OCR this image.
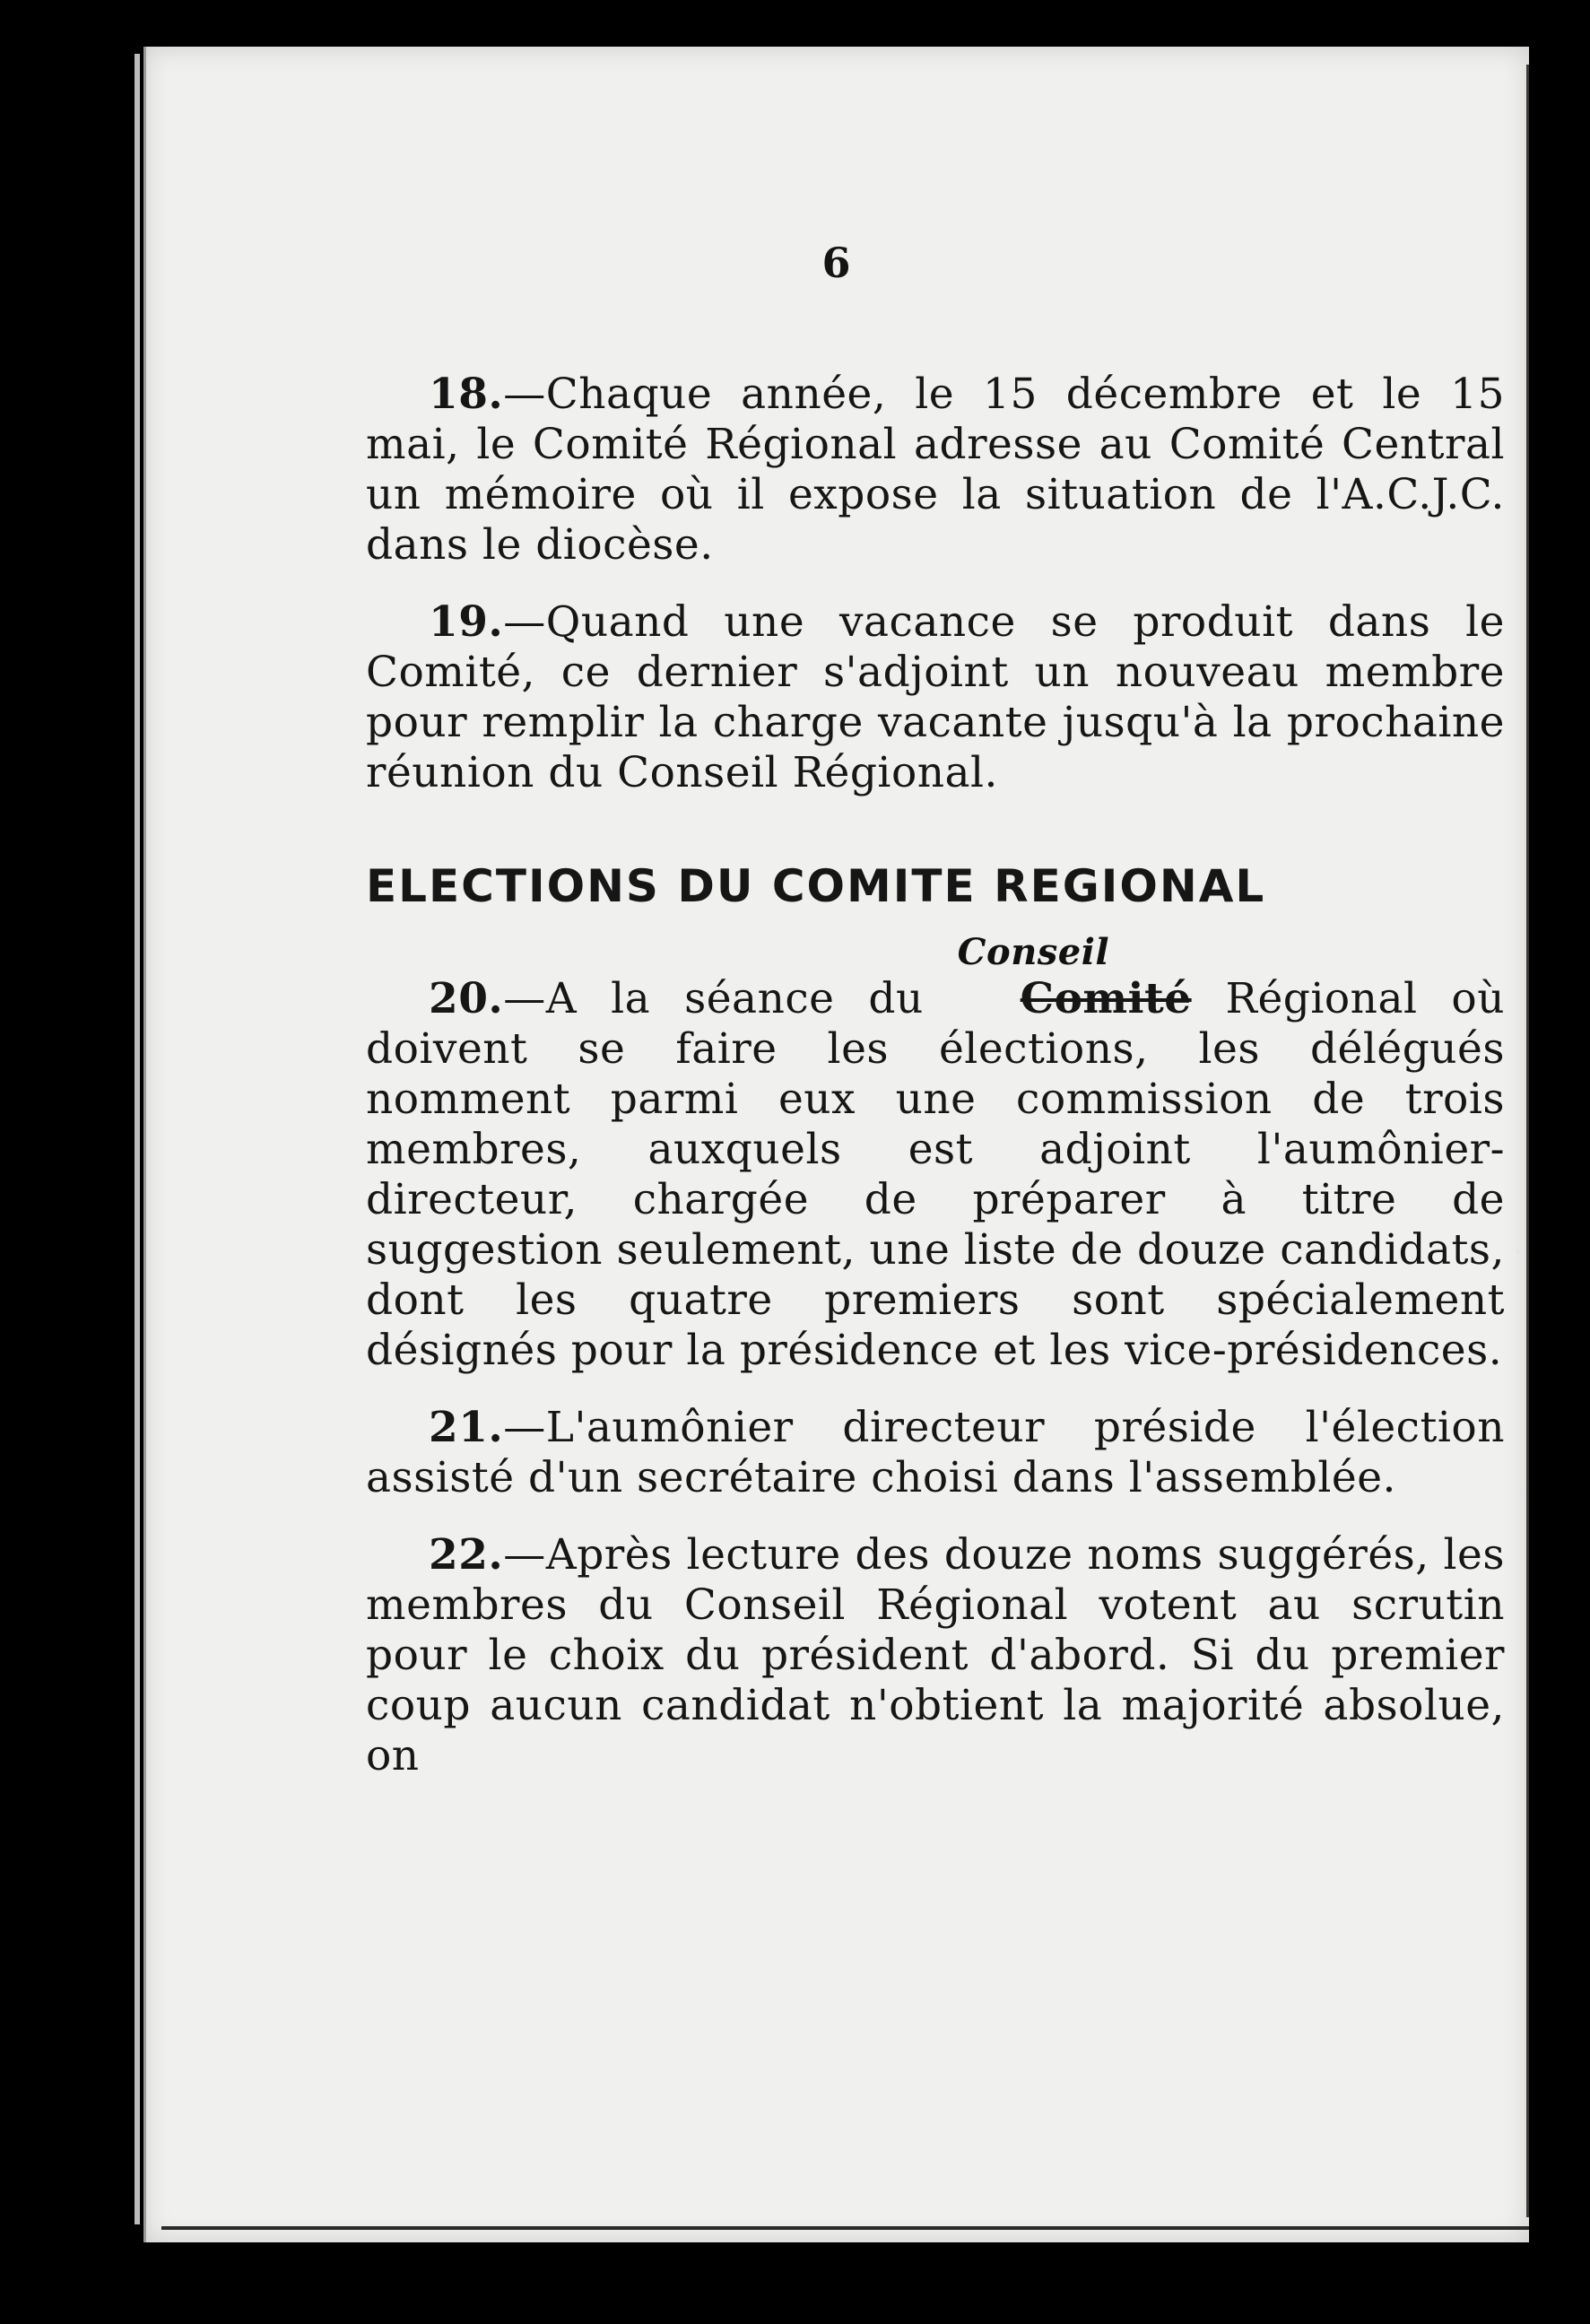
6

18.—Chaque année, le 15 décembre et le 15 mai, le Comité Régional adresse au Comité Central un mémoire où il expose la situation de l'A.C.J.C. dans le diocèse.

19.—Quand une vacance se produit dans le Comité, ce dernier s'adjoint un nouveau membre pour remplir la charge vacante jusqu'à la prochaine réunion du Conseil Régional.

ELECTIONS DU COMITE REGIONAL

20.—A la séance du
Conseil
Comité Régional où doivent se faire les élections, les délégués nomment parmi eux une commission de trois membres, auxquels est adjoint l'aumônier-directeur, chargée de préparer à titre de suggestion seulement, une liste de douze candidats, dont les quatre premiers sont spécialement désignés pour la présidence et les vice-présidences.

21.—L'aumônier directeur préside l'élection assisté d'un secrétaire choisi dans l'assemblée.

22.—Après lecture des douze noms suggérés, les membres du Conseil Régional votent au scrutin pour le choix du président d'abord. Si du premier coup aucun candidat n'obtient la majorité absolue, on
